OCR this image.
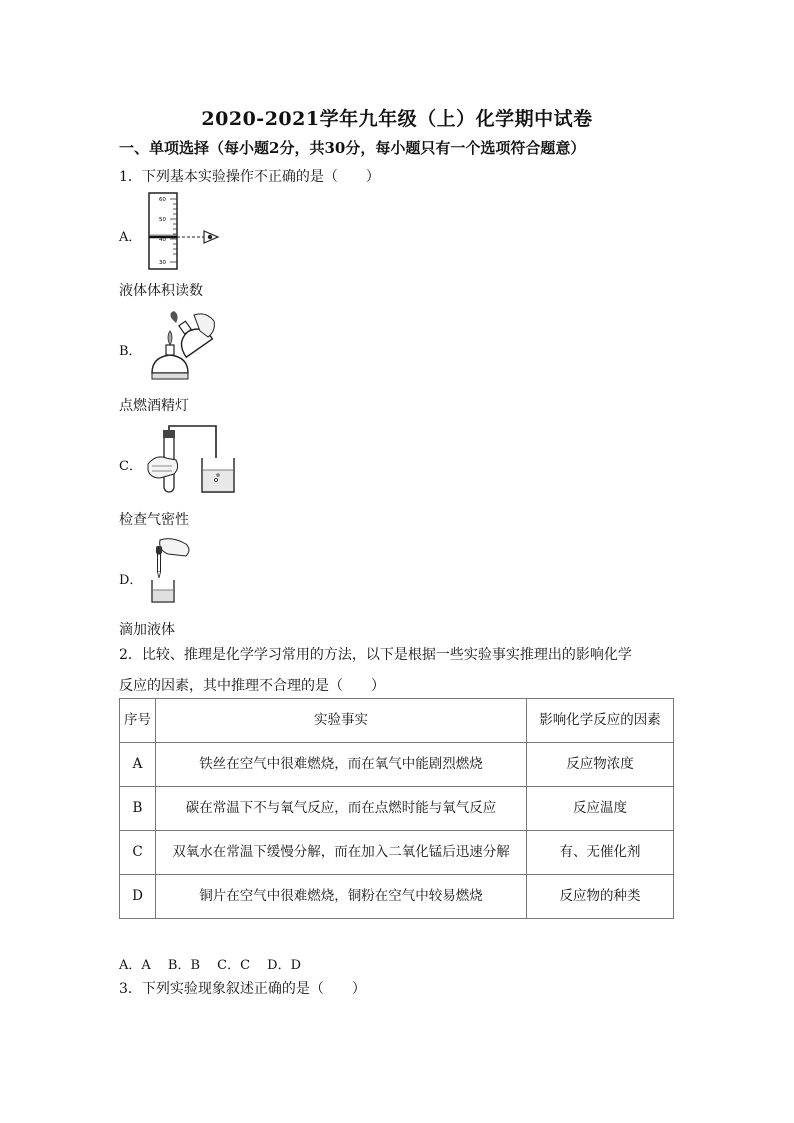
2020-2021学年九年级（上）化学期中试卷
一、单项选择（每小题2分，共30分，每小题只有一个选项符合题意）
1．下列基本实验操作不正确的是（　　）
A．
60
50
40
30
液体体积读数
B．
点燃酒精灯
C．
检查气密性
D．
滴加液体
2．比较、推理是化学学习常用的方法，以下是根据一些实验事实推理出的影响化学
反应的因素，其中推理不合理的是（　　）
序号	实验事实	影响化学反应的因素
A	铁丝在空气中很难燃烧，而在氧气中能剧烈燃烧	反应物浓度
B	碳在常温下不与氧气反应，而在点燃时能与氧气反应	反应温度
C	双氧水在常温下缓慢分解，而在加入二氧化锰后迅速分解	有、无催化剂
D	铜片在空气中很难燃烧，铜粉在空气中较易燃烧	反应物的种类
A．A　 B．B　 C．C　 D．D
3．下列实验现象叙述正确的是（　　）
